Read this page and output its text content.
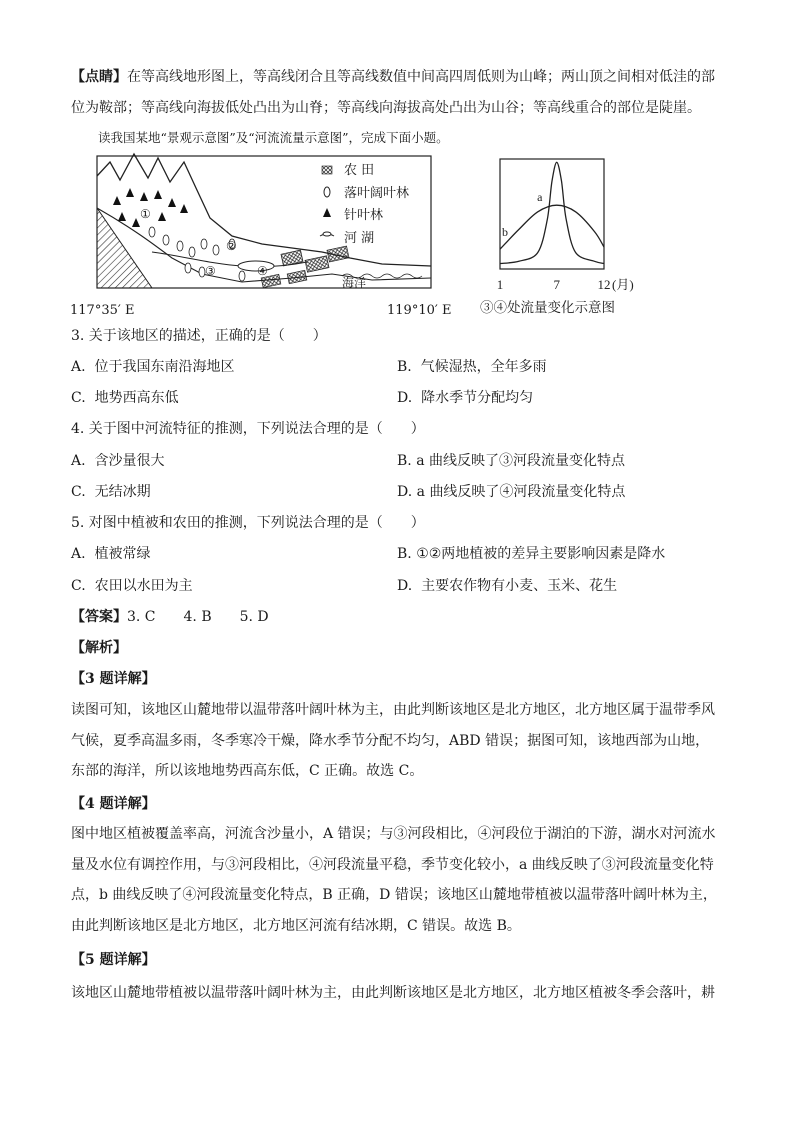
【点睛】在等高线地形图上，等高线闭合且等高线数值中间高四周低则为山峰；两山顶之间相对低洼的部
位为鞍部；等高线向海拔低处凸出为山脊；等高线向海拔高处凸出为山谷；等高线重合的部位是陡崖。
读我国某地“景观示意图”及“河流流量示意图”，完成下面小题。
农 田
落叶阔叶林
针叶林
河 湖
海洋
①
②
③	④
117°35′ E	119°10′ E
a
b
1	7	12 (月)
③④处流量变化示意图
3. 关于该地区的描述，正确的是（　　）
A. 位于我国东南沿海地区	B. 气候湿热，全年多雨
C. 地势西高东低	D. 降水季节分配均匀
4. 关于图中河流特征的推测，下列说法合理的是（　　）
A. 含沙量很大	B. a 曲线反映了③河段流量变化特点
C. 无结冰期	D. a 曲线反映了④河段流量变化特点
5. 对图中植被和农田的推测，下列说法合理的是（　　）
A. 植被常绿	B. ①②两地植被的差异主要影响因素是降水
C. 农田以水田为主	D. 主要农作物有小麦、玉米、花生
【答案】3. C　　4. B　　5. D
【解析】
【3 题详解】

读图可知，该地区山麓地带以温带落叶阔叶林为主，由此判断该地区是北方地区，北方地区属于温带季风气候，夏季高温多雨，冬季寒冷干燥，降水季节分配不均匀，ABD 错误；据图可知，该地西部为山地，东部的海洋，所以该地地势西高东低，C 正确。故选 C。

【4 题详解】

图中地区植被覆盖率高，河流含沙量小，A 错误；与③河段相比，④河段位于湖泊的下游，湖水对河流水量及水位有调控作用，与③河段相比，④河段流量平稳，季节变化较小，a 曲线反映了③河段流量变化特点，b 曲线反映了④河段流量变化特点，B 正确，D 错误；该地区山麓地带植被以温带落叶阔叶林为主，由此判断该地区是北方地区，北方地区河流有结冰期，C 错误。故选 B。

【5 题详解】
该地区山麓地带植被以温带落叶阔叶林为主，由此判断该地区是北方地区，北方地区植被冬季会落叶，耕
